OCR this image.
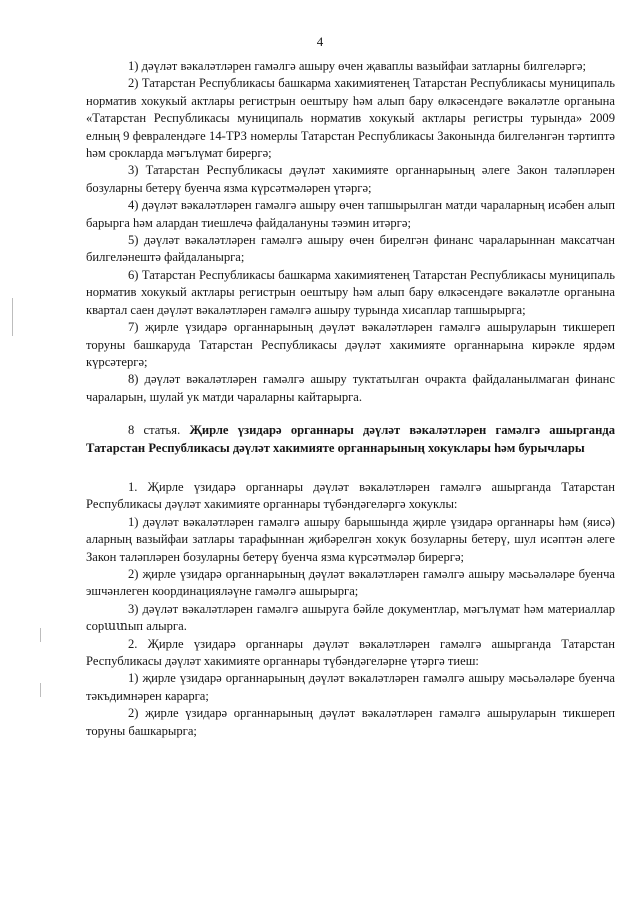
4

1) дәүләт вәкаләтләрен гамәлгә ашыру өчен җаваплы вазыйфаи затларны билгеләргә;

2) Татарстан Республикасы башкарма хакимиятенең Татарстан Республикасы муниципаль норматив хокукый актлары регистрын оештыру һәм алып бару өлкәсендәге вәкаләтле органына «Татарстан Республикасы муниципаль норматив хокукый актлары регистры турында» 2009 елның 9 февралендәге 14-ТРЗ номерлы Татарстан Республикасы Законында билгеләнгән тәртиптә һәм срокларда мәгълүмат бирергә;

3) Татарстан Республикасы дәүләт хакимияте органнарының әлеге Закон таләпләрен бозуларны бетерү буенча язма күрсәтмәләрен үтәргә;

4) дәүләт вәкаләтләрен гамәлгә ашыру өчен тапшырылган матди чараларның исәбен алып барырга һәм алардан тиешлечә файдалануны тәэмин итәргә;

5) дәүләт вәкаләтләрен гамәлгә ашыру өчен бирелгән финанс чараларыннан максатчан билгеләнештә файдаланырга;

6) Татарстан Республикасы башкарма хакимиятенең Татарстан Республикасы муниципаль норматив хокукый актлары регистрын оештыру һәм алып бару өлкәсендәге вәкаләтле органына квартал саен дәүләт вәкаләтләрен гамәлгә ашыру турында хисаплар тапшырырга;

7) җирле үзидарә органнарының дәүләт вәкаләтләрен гамәлгә ашыруларын тикшереп торуны башкаруда Татарстан Республикасы дәүләт хакимияте органнарына кирәкле ярдәм күрсәтергә;

8) дәүләт вәкаләтләрен гамәлгә ашыру туктатылган очракта файдаланылмаган финанс чараларын, шулай ук матди чараларны кайтарырга.

8 статья. Җирле үзидарә органнары дәүләт вәкаләтләрен гамәлгә ашырганда Татарстан Республикасы дәүләт хакимияте органнарының хокуклары һәм бурычлары

1. Җирле үзидарә органнары дәүләт вәкаләтләрен гамәлгә ашырганда Татарстан Республикасы дәүләт хакимияте органнары түбәндәгеләргә хокуклы:

1) дәүләт вәкаләтләрен гамәлгә ашыру барышында җирле үзидарә органнары һәм (яисә) аларның вазыйфаи затлары тарафыннан җибәрелгән хокук бозуларны бетерү, шул исәптән әлеге Закон таләпләрен бозуларны бетерү буенча язма күрсәтмәләр бирергә;

2) җирле үзидарә органнарының дәүләт вәкаләтләрен гамәлгә ашыру мәсьәләләре буенча эшчәнлеген координацияләүне гамәлгә ашырырга;

3) дәүләт вәкаләтләрен гамәлгә ашыруга бәйле документлар, мәгълүмат һәм материаллар сорատып алырга.

2. Җирле үзидарә органнары дәүләт вәкаләтләрен гамәлгә ашырганда Татарстан Республикасы дәүләт хакимияте органнары түбәндәгеләрне үтәргә тиеш:

1) җирле үзидарә органнарының дәүләт вәкаләтләрен гамәлгә ашыру мәсьәләләре буенча тәкъдимнәрен карарга;

2) җирле үзидарә органнарының дәүләт вәкаләтләрен гамәлгә ашыруларын тикшереп торуны башкарырга;
